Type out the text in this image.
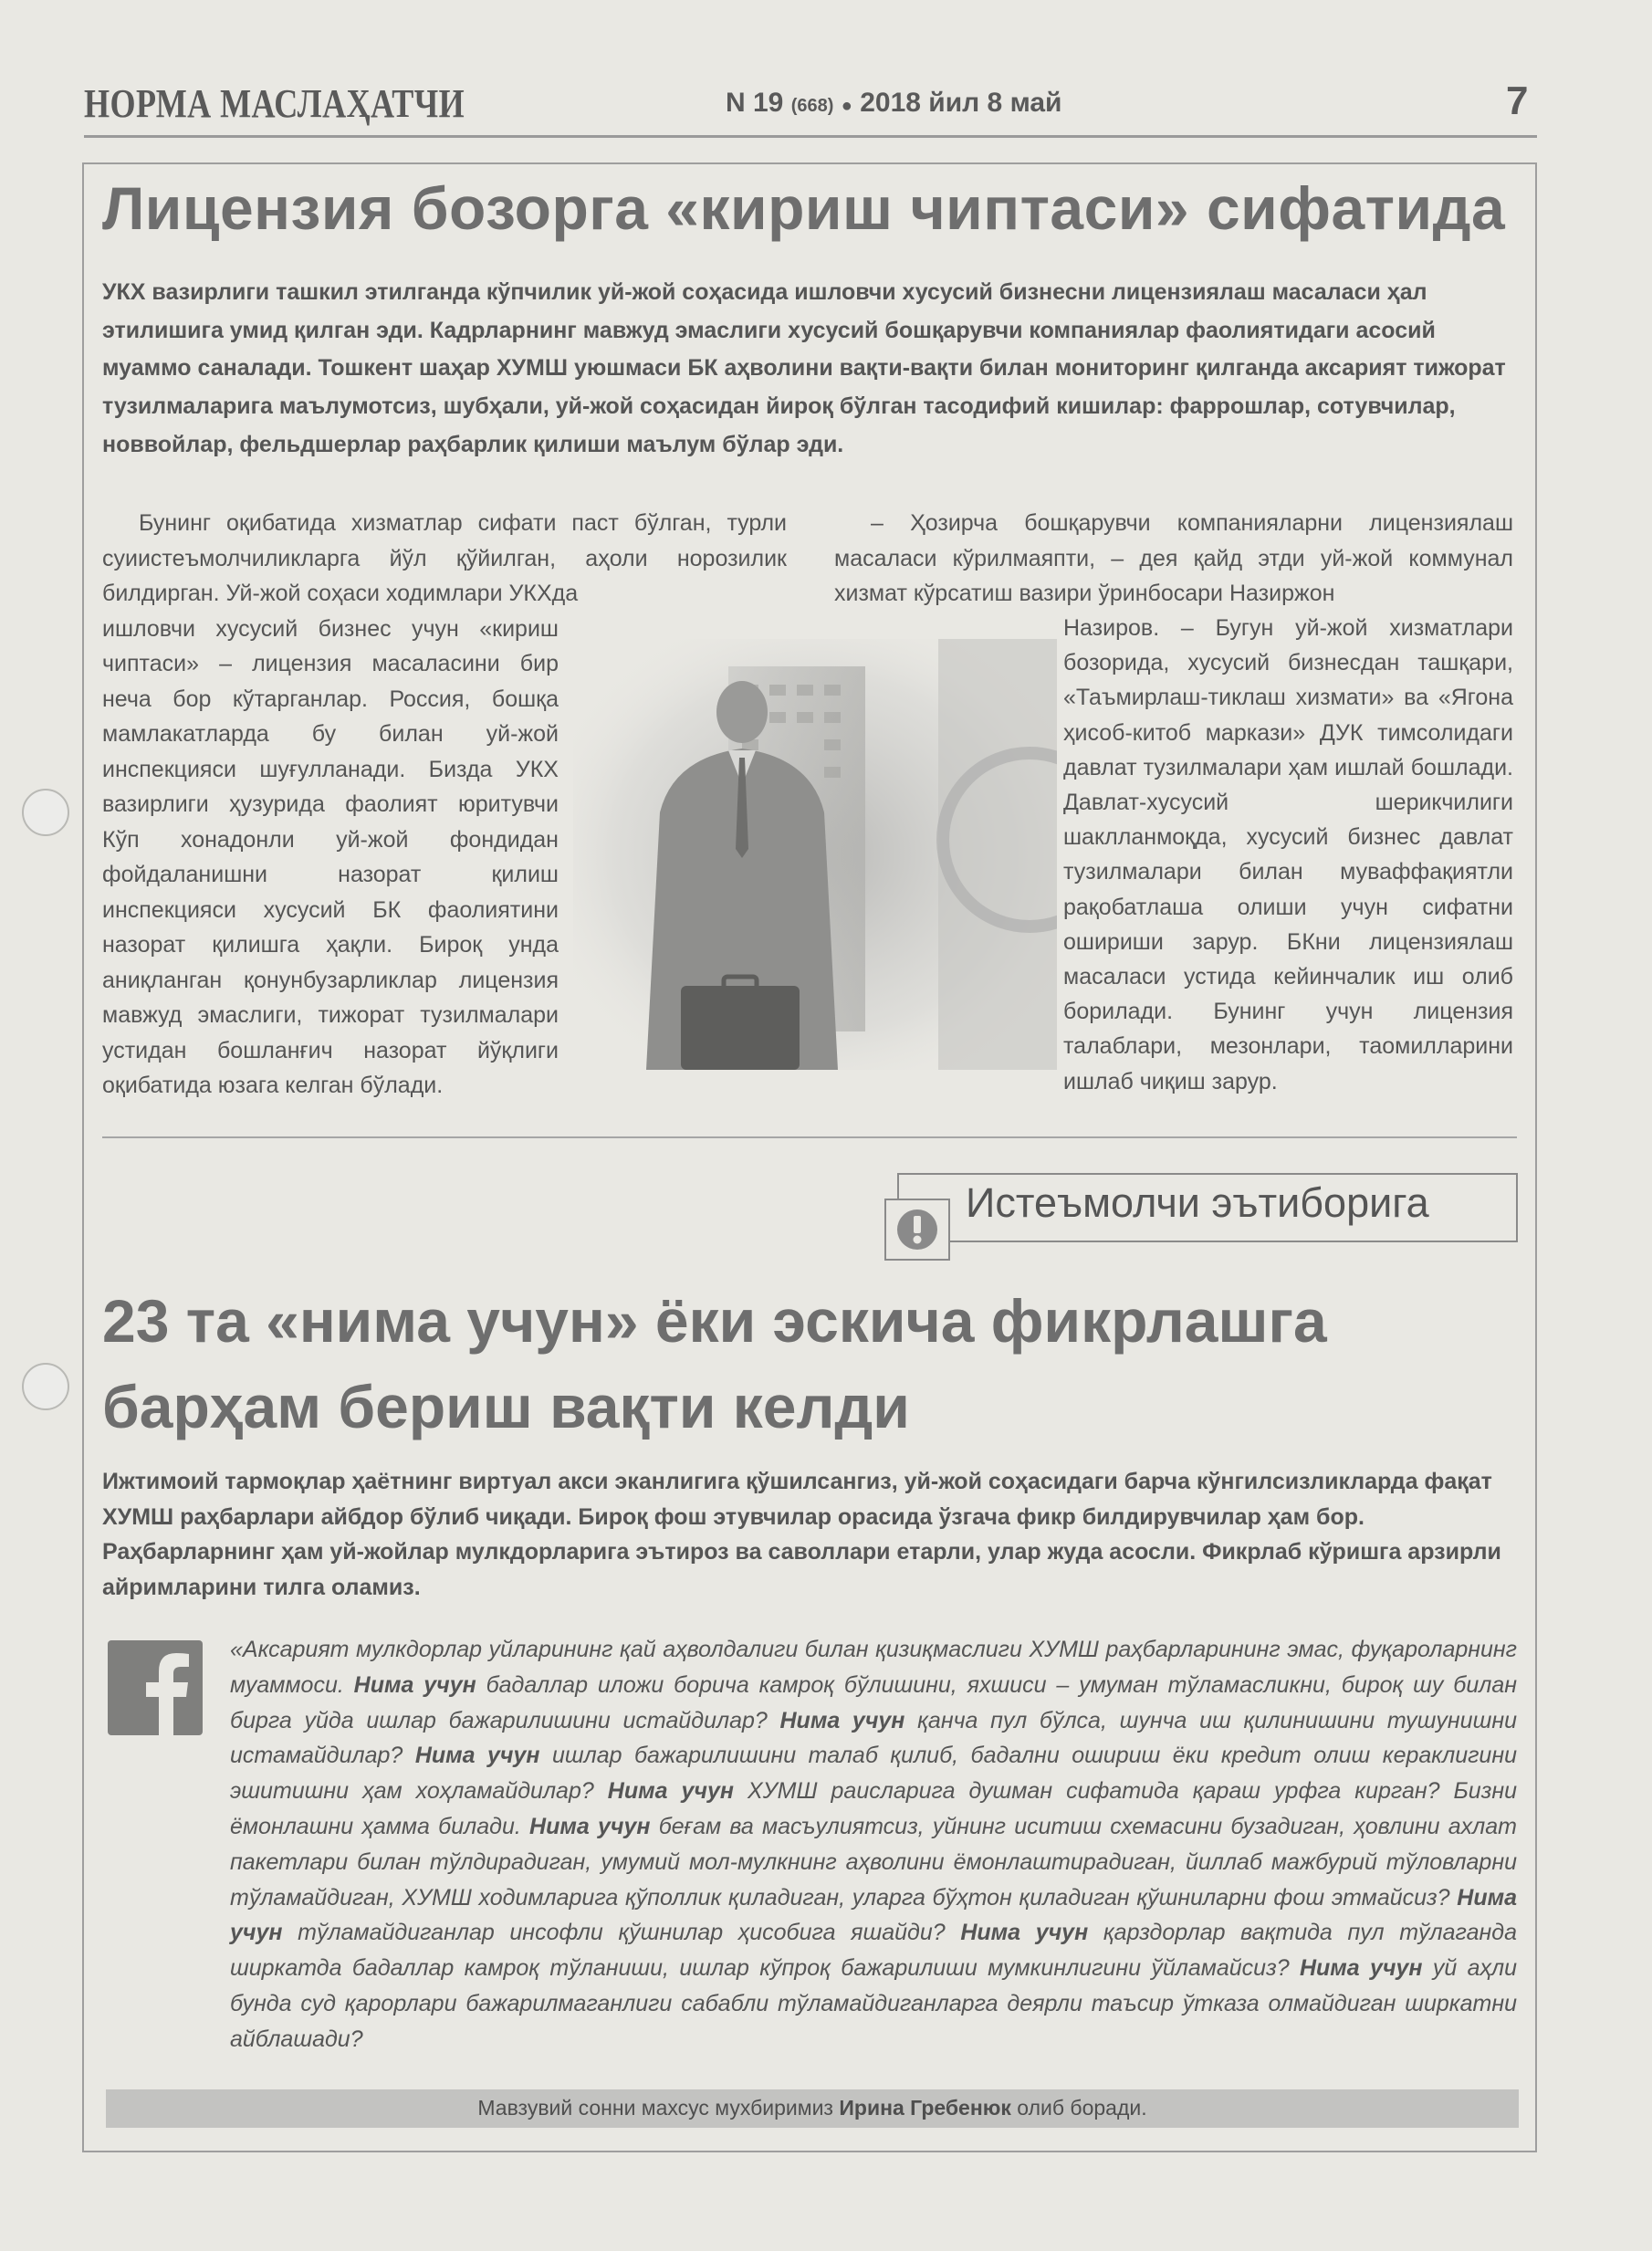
НОРМА МАСЛАҲАТЧИ	N 19 (668) ● 2018 йил 8 май	7
Лицензия бозорга «кириш чиптаси» сифатида
УКХ вазирлиги ташкил этилганда кўпчилик уй-жой соҳасида ишловчи хусусий бизнесни лицензиялаш масаласи ҳал этилишига умид қилган эди. Кадрларнинг мавжуд эмаслиги хусусий бошқарувчи компаниялар фаолиятидаги асосий муаммо саналади. Тошкент шаҳар ХУМШ уюшмаси БК аҳволини вақти-вақти билан мониторинг қилганда аксарият тижорат тузилмаларига маълумотсиз, шубҳали, уй-жой соҳасидан йироқ бўлган тасодифий кишилар: фаррошлар, сотувчилар, новвойлар, фельдшерлар раҳбарлик қилиши маълум бўлар эди.
Бунинг оқибатида хизматлар сифати паст бўлган, турли суиистеъмолчиликларга йўл қўйилган, аҳоли норозилик билдирган. Уй-жой соҳаси ходимлари УКХда
ишловчи хусусий бизнес учун «кириш чиптаси» – лицензия масаласини бир неча бор кўтарганлар. Россия, бошқа мамлакатларда бу билан уй-жой инспекцияси шуғулланади. Бизда УКХ вазирлиги ҳузурида фаолият юритувчи Кўп хонадонли уй-жой фондидан фойдаланишни назорат қилиш инспекцияси хусусий БК фаолиятини назорат қилишга ҳақли. Бироқ унда аниқланган қонунбузарликлар лицензия мавжуд эмаслиги, тижорат тузилмалари устидан бошланғич назорат йўқлиги оқибатида юзага келган бўлади.
– Ҳозирча бошқарувчи компанияларни лицензиялаш масаласи кўрилмаяпти, – дея қайд этди уй-жой коммунал хизмат кўрсатиш вазири ўринбосари Назиржон
Назиров. – Бугун уй-жой хизматлари бозорида, хусусий бизнесдан ташқари, «Таъмирлаш-тиклаш хизмати» ва «Ягона ҳисоб-китоб маркази» ДУК тимсолидаги давлат тузилмалари ҳам ишлай бошлади. Давлат-хусусий шерикчилиги шаклланмоқда, хусусий бизнес давлат тузилмалари билан муваффақиятли рақобатлаша олиши учун сифатни ошириши зарур. БКни лицензиялаш масаласи устида кейинчалик иш олиб борилади. Бунинг учун лицензия талаблари, мезонлари, таомилларини ишлаб чиқиш зарур.
Истеъмолчи эътиборига
23 та «нима учун» ёки эскича фикрлашга
барҳам бериш вақти келди
Ижтимоий тармоқлар ҳаётнинг виртуал акси эканлигига қўшилсангиз, уй-жой соҳасидаги барча кўнгилсизликларда фақат ХУМШ раҳбарлари айбдор бўлиб чиқади. Бироқ фош этувчилар орасида ўзгача фикр билдирувчилар ҳам бор. Раҳбарларнинг ҳам уй-жойлар мулкдорларига эътироз ва саволлари етарли, улар жуда асосли. Фикрлаб кўришга арзирли айримларини тилга оламиз.
«Аксарият мулкдорлар уйларининг қай аҳволдалиги билан қизиқмаслиги ХУМШ раҳбарларининг эмас, фуқароларнинг муаммоси. Нима учун бадаллар иложи борича камроқ бўлишини, яхшиси – умуман тўламасликни, бироқ шу билан бирга уйда ишлар бажарилишини истайдилар? Нима учун қанча пул бўлса, шунча иш қилинишини тушунишни истамайдилар? Нима учун ишлар бажарилишини талаб қилиб, бадални ошириш ёки кредит олиш кераклигини эшитишни ҳам хоҳламайдилар? Нима учун ХУМШ раисларига душман сифатида қараш урфга кирган? Бизни ёмонлашни ҳамма билади. Нима учун беғам ва масъулиятсиз, уйнинг иситиш схемасини бузадиган, ҳовлини ахлат пакетлари билан тўлдирадиган, умумий мол-мулкнинг аҳволини ёмонлаштирадиган, йиллаб мажбурий тўловларни тўламайдиган, ХУМШ ходимларига қўполлик қиладиган, уларга бўҳтон қиладиган қўшниларни фош этмайсиз? Нима учун тўламайдиганлар инсофли қўшнилар ҳисобига яшайди? Нима учун қарздорлар вақтида пул тўлаганда ширкатда бадаллар камроқ тўланиши, ишлар кўпроқ бажарилиши мумкинлигини ўйламайсиз? Нима учун уй аҳли бунда суд қарорлари бажарилмаганлиги сабабли тўламайдиганларга деярли таъсир ўтказа олмайдиган ширкатни айблашади?
Мавзувий сонни махсус мухбиримиз Ирина Гребенюк олиб боради.
